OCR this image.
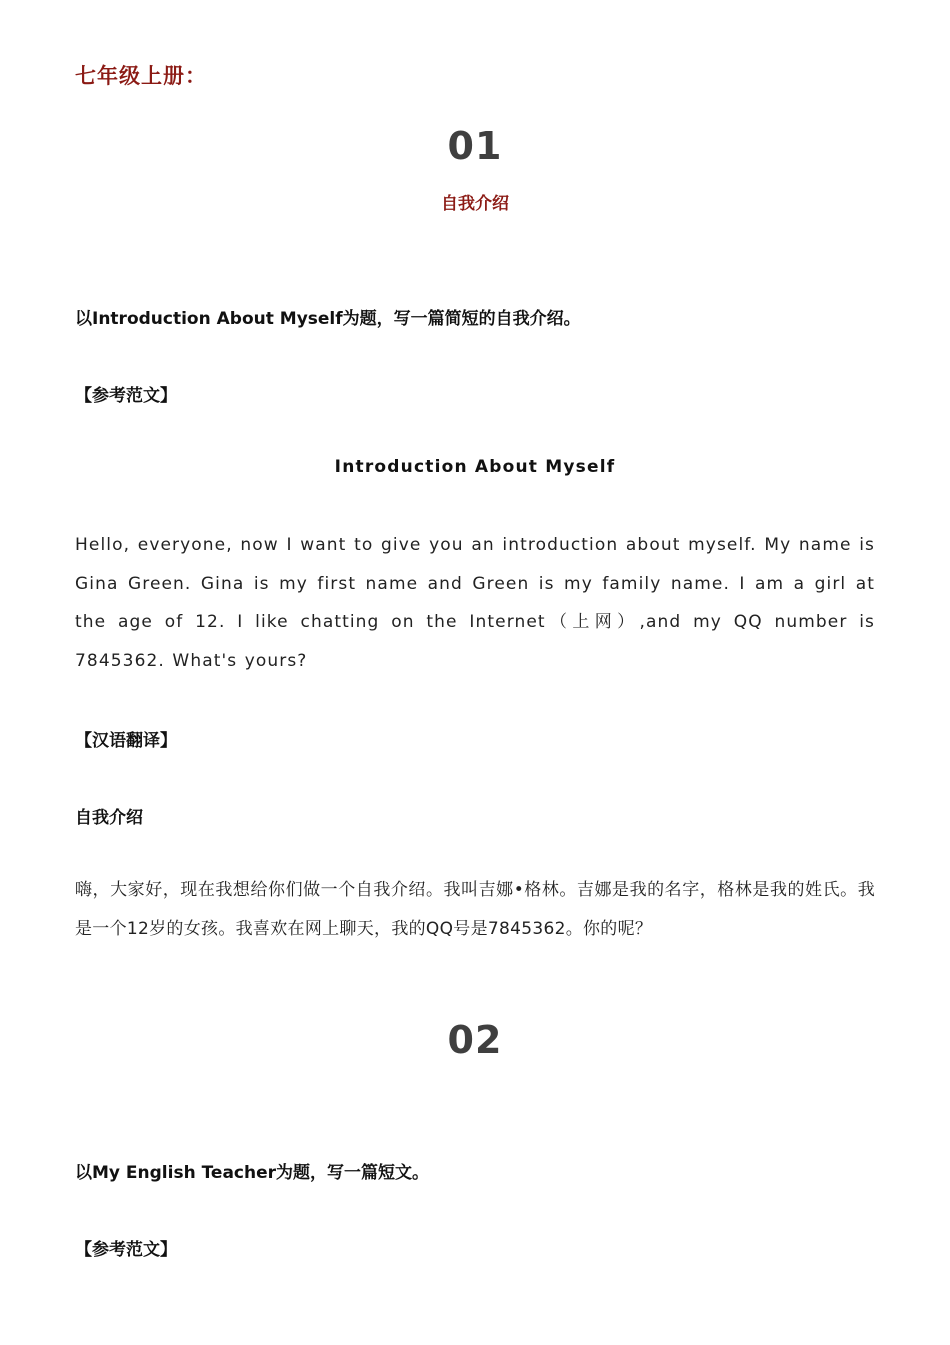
七年级上册：
01
自我介绍
以Introduction About Myself为题，写一篇简短的自我介绍。
【参考范文】
Introduction About Myself
Hello, everyone, now I want to give you an introduction about myself. My name is Gina Green. Gina is my first name and Green is my family name. I am a girl at the age of 12. I like chatting on the Internet（上网）,and my QQ number is 7845362. What's yours?
【汉语翻译】
自我介绍
嗨，大家好，现在我想给你们做一个自我介绍。我叫吉娜•格林。吉娜是我的名字，格林是我的姓氏。我是一个12岁的女孩。我喜欢在网上聊天，我的QQ号是7845362。你的呢？
02
以My English Teacher为题，写一篇短文。
【参考范文】
